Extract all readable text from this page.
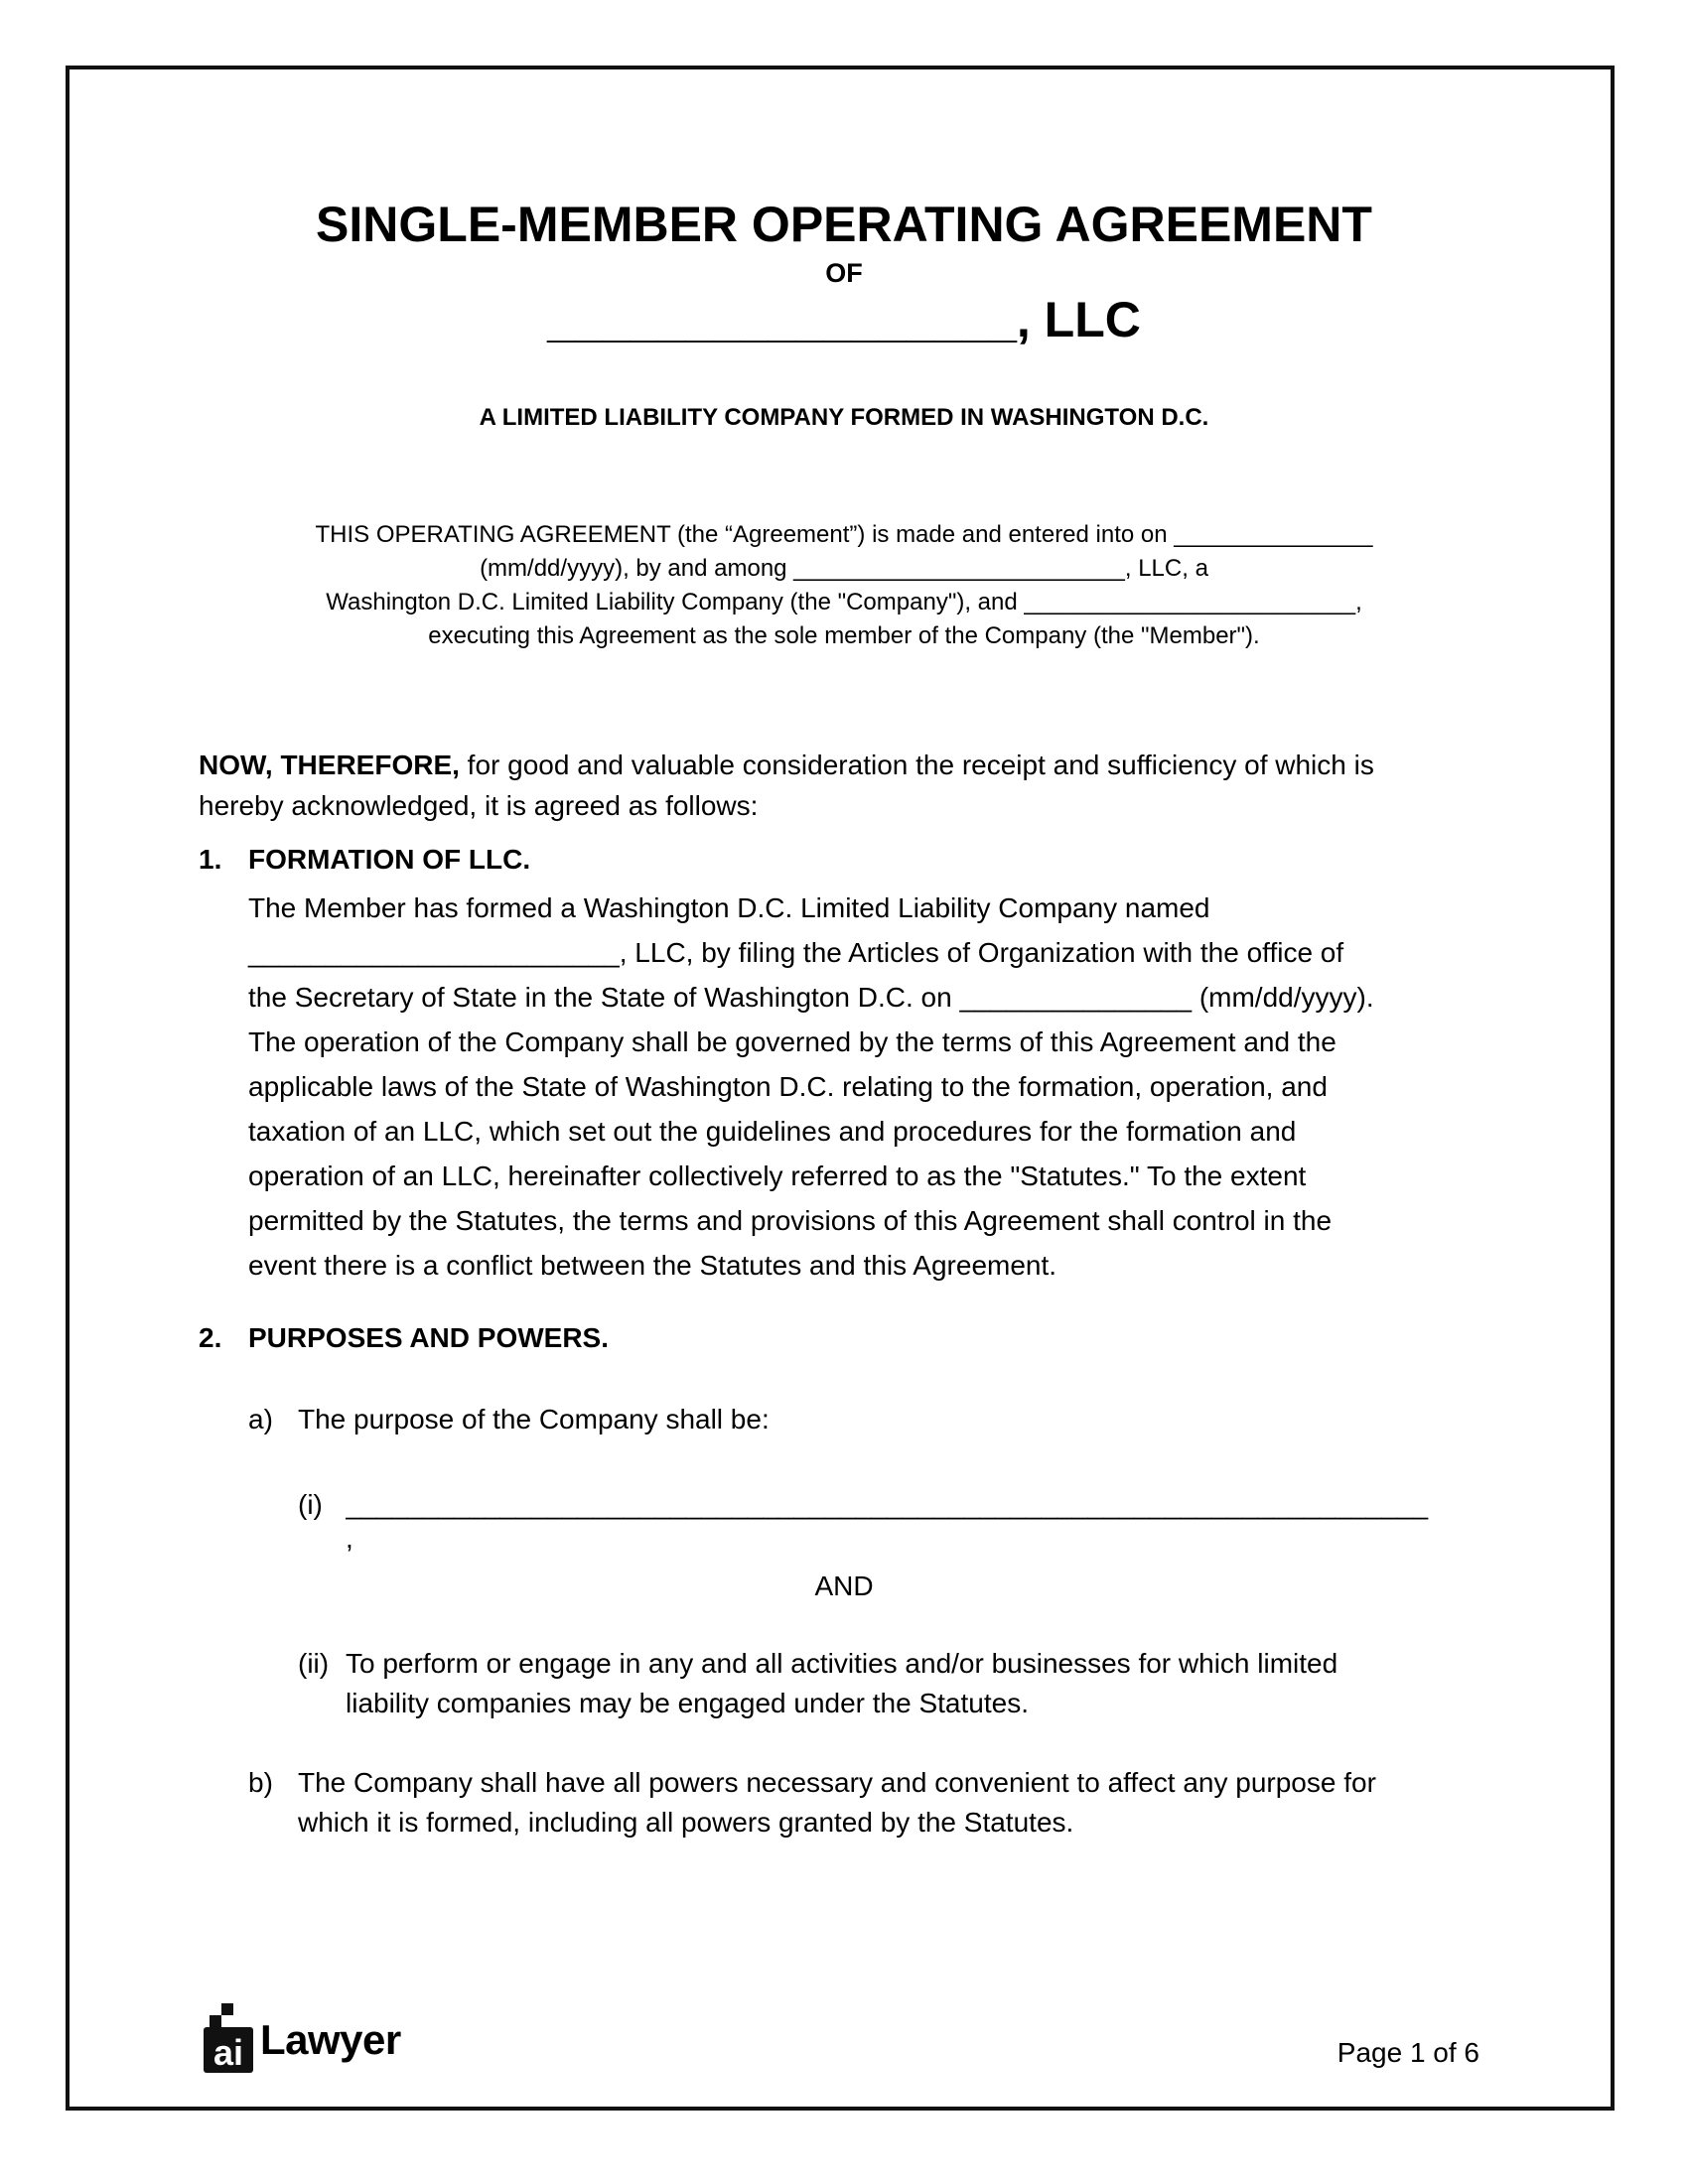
SINGLE-MEMBER OPERATING AGREEMENT
OF
_________________, LLC
A LIMITED LIABILITY COMPANY FORMED IN WASHINGTON D.C.
THIS OPERATING AGREEMENT (the “Agreement”) is made and entered into on _______________
(mm/dd/yyyy), by and among _________________________, LLC, a
Washington D.C. Limited Liability Company (the "Company"), and _________________________,
executing this Agreement as the sole member of the Company (the "Member").
NOW, THEREFORE, for good and valuable consideration the receipt and sufficiency of which is
hereby acknowledged, it is agreed as follows:
1. FORMATION OF LLC.
The Member has formed a Washington D.C. Limited Liability Company named
________________________, LLC, by filing the Articles of Organization with the office of
the Secretary of State in the State of Washington D.C. on _______________ (mm/dd/yyyy).
The operation of the Company shall be governed by the terms of this Agreement and the
applicable laws of the State of Washington D.C. relating to the formation, operation, and
taxation of an LLC, which set out the guidelines and procedures for the formation and
operation of an LLC, hereinafter collectively referred to as the "Statutes." To the extent
permitted by the Statutes, the terms and provisions of this Agreement shall control in the
event there is a conflict between the Statutes and this Agreement.
2. PURPOSES AND POWERS.
a) The purpose of the Company shall be:
(i) ______________________________________________________________________
,
AND
(ii) To perform or engage in any and all activities and/or businesses for which limited
liability companies may be engaged under the Statutes.
b) The Company shall have all powers necessary and convenient to affect any purpose for
which it is formed, including all powers granted by the Statutes.
ai Lawyer	Page 1 of 6
